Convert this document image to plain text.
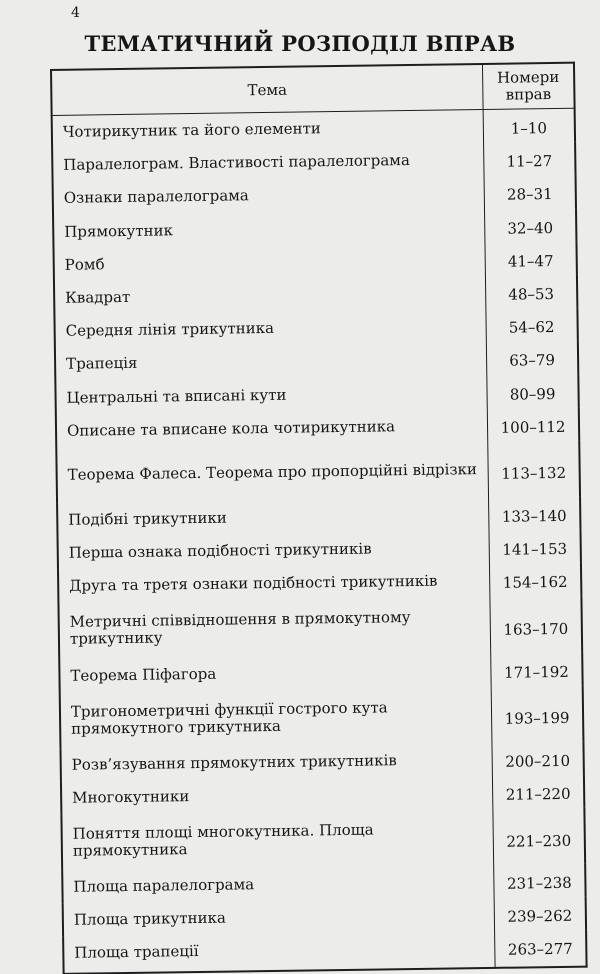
4
ТЕМАТИЧНИЙ РОЗПОДІЛ ВПРАВ
Тема	Номери вправ
Чотирикутник та його елементи	1–10
Паралелограм. Властивості паралелограма	11–27
Ознаки паралелограма	28–31
Прямокутник	32–40
Ромб	41–47
Квадрат	48–53
Середня лінія трикутника	54–62
Трапеція	63–79
Центральні та вписані кути	80–99
Описане та вписане кола чотирикутника	100–112
Теорема Фалеса. Теорема про пропорційні відрізки	113–132
Подібні трикутники	133–140
Перша ознака подібності трикутників	141–153
Друга та третя ознаки подібності трикутників	154–162
Метричні співвідношення в прямокутному трикутнику	163–170
Теорема Піфагора	171–192
Тригонометричні функції гострого кута прямокутного трикутника	193–199
Розв’язування прямокутних трикутників	200–210
Многокутники	211–220
Поняття площі многокутника. Площа прямокутника	221–230
Площа паралелограма	231–238
Площа трикутника	239–262
Площа трапеції	263–277
